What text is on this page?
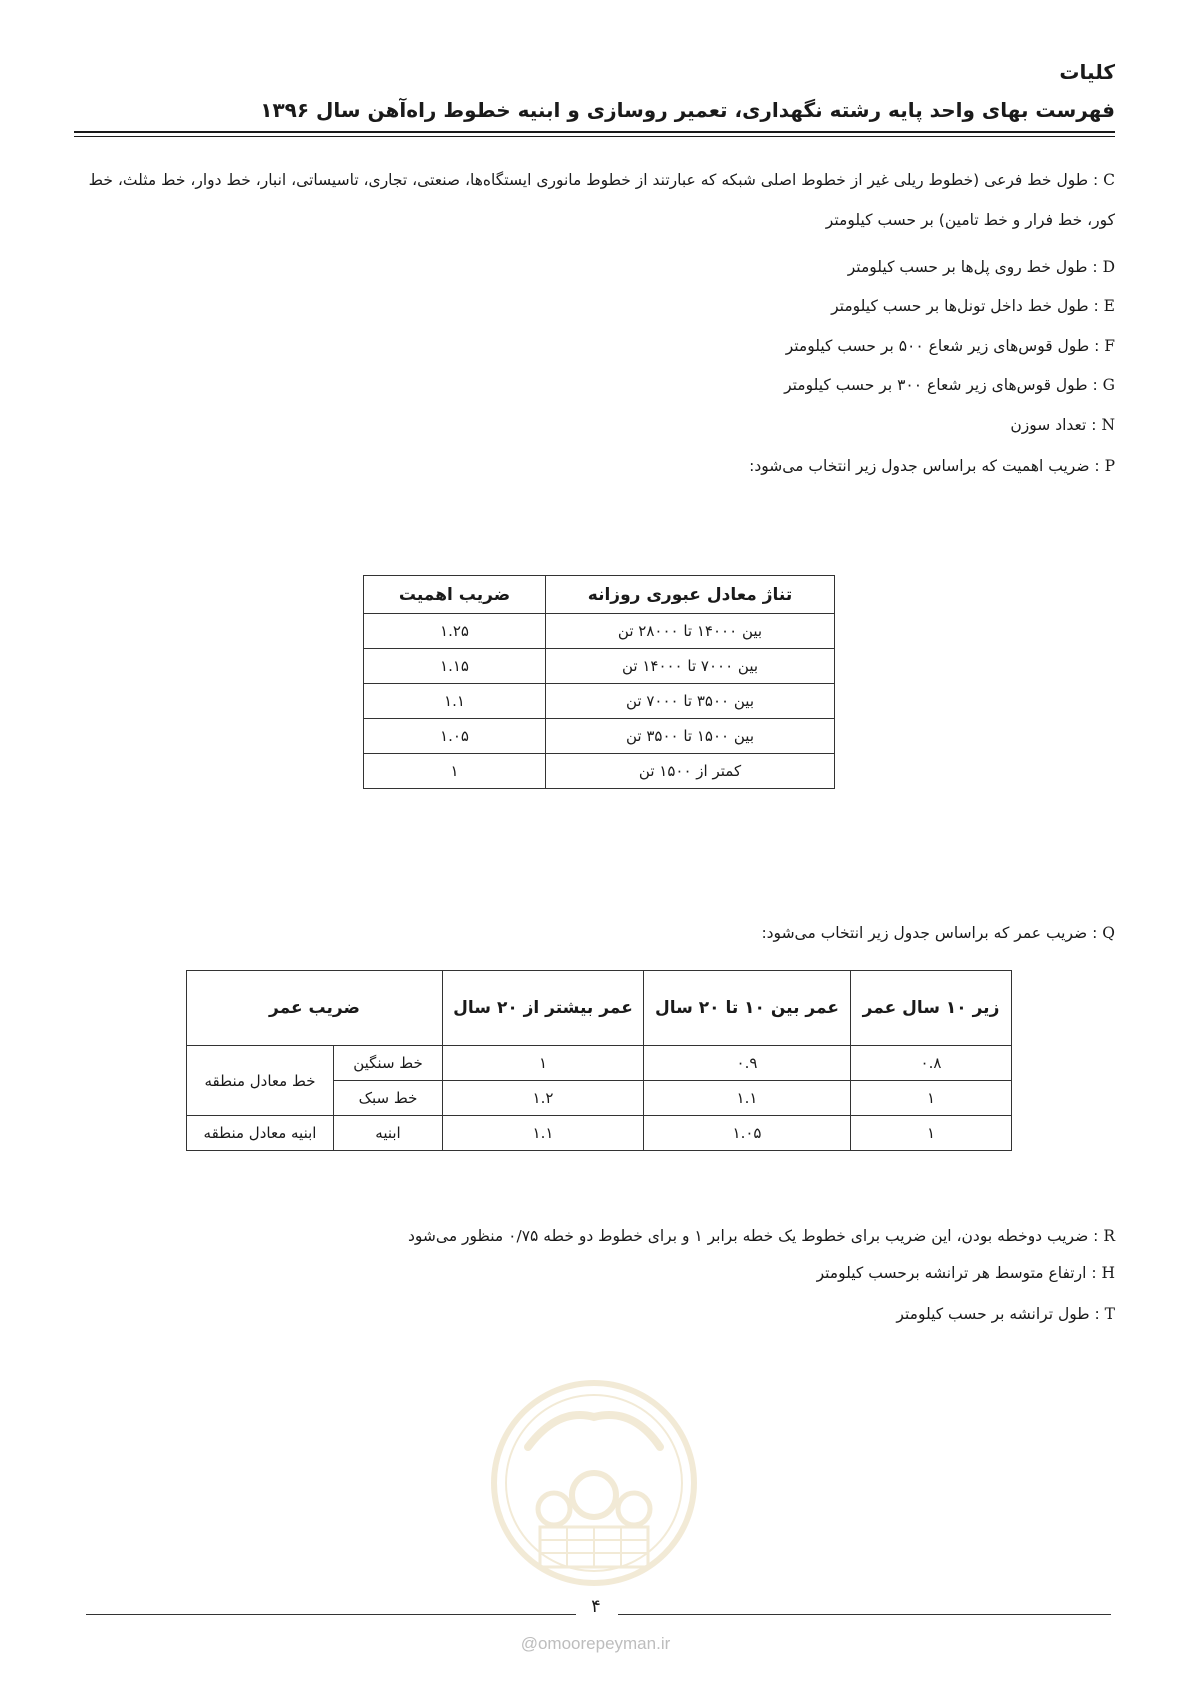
کلیات
فهرست بهای واحد پایه رشته نگهداری، تعمیر روسازی و ابنیه خطوط راه‌آهن سال ۱۳۹۶
C : طول خط فرعی (خطوط ریلی غیر از خطوط اصلی شبکه که عبارتند از خطوط مانوری ایستگاه‌ها، صنعتی، تجاری، تاسیساتی، انبار، خط دوار، خط مثلث، خط کور، خط فرار و خط تامین) بر حسب کیلومتر
D : طول خط روی پل‌ها بر حسب کیلومتر
E : طول خط داخل تونل‌ها بر حسب کیلومتر
F : طول قوس‌های زیر شعاع ۵۰۰ بر حسب کیلومتر
G : طول قوس‌های زیر شعاع ۳۰۰ بر حسب کیلومتر
N : تعداد سوزن
P : ضریب اهمیت که براساس جدول زیر انتخاب می‌شود:
تناژ معادل عبوری روزانه	ضریب اهمیت
بین ۱۴۰۰۰ تا ۲۸۰۰۰ تن	۱.۲۵
بین ۷۰۰۰ تا ۱۴۰۰۰ تن	۱.۱۵
بین ۳۵۰۰ تا ۷۰۰۰ تن	۱.۱
بین ۱۵۰۰ تا ۳۵۰۰ تن	۱.۰۵
کمتر از ۱۵۰۰ تن	۱
Q : ضریب عمر که براساس جدول زیر انتخاب می‌شود:
زیر ۱۰ سال عمر	عمر بین ۱۰ تا ۲۰ سال	عمر بیشتر از ۲۰ سال	ضریب عمر	
۰.۸	۰.۹	۱	خط سنگین	خط معادل منطقه
۱	۱.۱	۱.۲	خط سبک	
۱	۱.۰۵	۱.۱	ابنیه	ابنیه معادل منطقه
R : ضریب دوخطه بودن، این ضریب برای خطوط یک خطه برابر ۱ و برای خطوط دو خطه ۰/۷۵ منظور می‌شود
H : ارتفاع متوسط هر ترانشه برحسب کیلومتر
T : طول ترانشه بر حسب کیلومتر
۴
@omoorepeyman.ir
